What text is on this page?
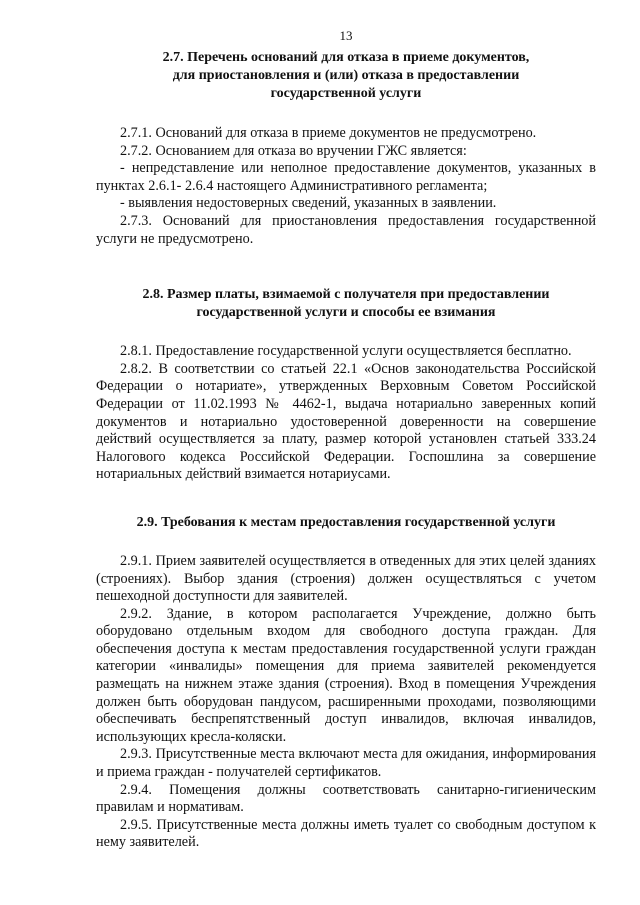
13
2.7. Перечень оснований для отказа в приеме документов,
для приостановления и (или) отказа в предоставлении
государственной услуги

2.7.1. Оснований для отказа в приеме документов не предусмотрено.

2.7.2. Основанием для отказа во вручении ГЖС является:

- непредставление или неполное предоставление документов, указанных в пунктах 2.6.1- 2.6.4 настоящего Административного регламента;

- выявления недостоверных сведений, указанных в заявлении.

2.7.3. Оснований для приостановления предоставления государственной услуги не предусмотрено.

2.8. Размер платы, взимаемой с получателя при предоставлении
государственной услуги и способы ее взимания

2.8.1. Предоставление государственной услуги осуществляется бесплатно.

2.8.2. В соответствии со статьей 22.1 «Основ законодательства Российской Федерации о нотариате», утвержденных Верховным Советом Российской Федерации от 11.02.1993 № 4462-1, выдача нотариально заверенных копий документов и нотариально удостоверенной доверенности на совершение действий осуществляется за плату, размер которой установлен статьей 333.24 Налогового кодекса Российской Федерации. Госпошлина за совершение нотариальных действий взимается нотариусами.

2.9. Требования к местам предоставления государственной услуги

2.9.1. Прием заявителей осуществляется в отведенных для этих целей зданиях (строениях). Выбор здания (строения) должен осуществляться с учетом пешеходной доступности для заявителей.

2.9.2. Здание, в котором располагается Учреждение, должно быть оборудовано отдельным входом для свободного доступа граждан. Для обеспечения доступа к местам предоставления государственной услуги граждан категории «инвалиды» помещения для приема заявителей рекомендуется размещать на нижнем этаже здания (строения). Вход в помещения Учреждения должен быть оборудован пандусом, расширенными проходами, позволяющими обеспечивать беспрепятственный доступ инвалидов, включая инвалидов, использующих кресла-коляски.

2.9.3. Присутственные места включают места для ожидания, информирования и приема граждан - получателей сертификатов.

2.9.4. Помещения должны соответствовать санитарно-гигиеническим правилам и нормативам.

2.9.5. Присутственные места должны иметь туалет со свободным доступом к нему заявителей.
